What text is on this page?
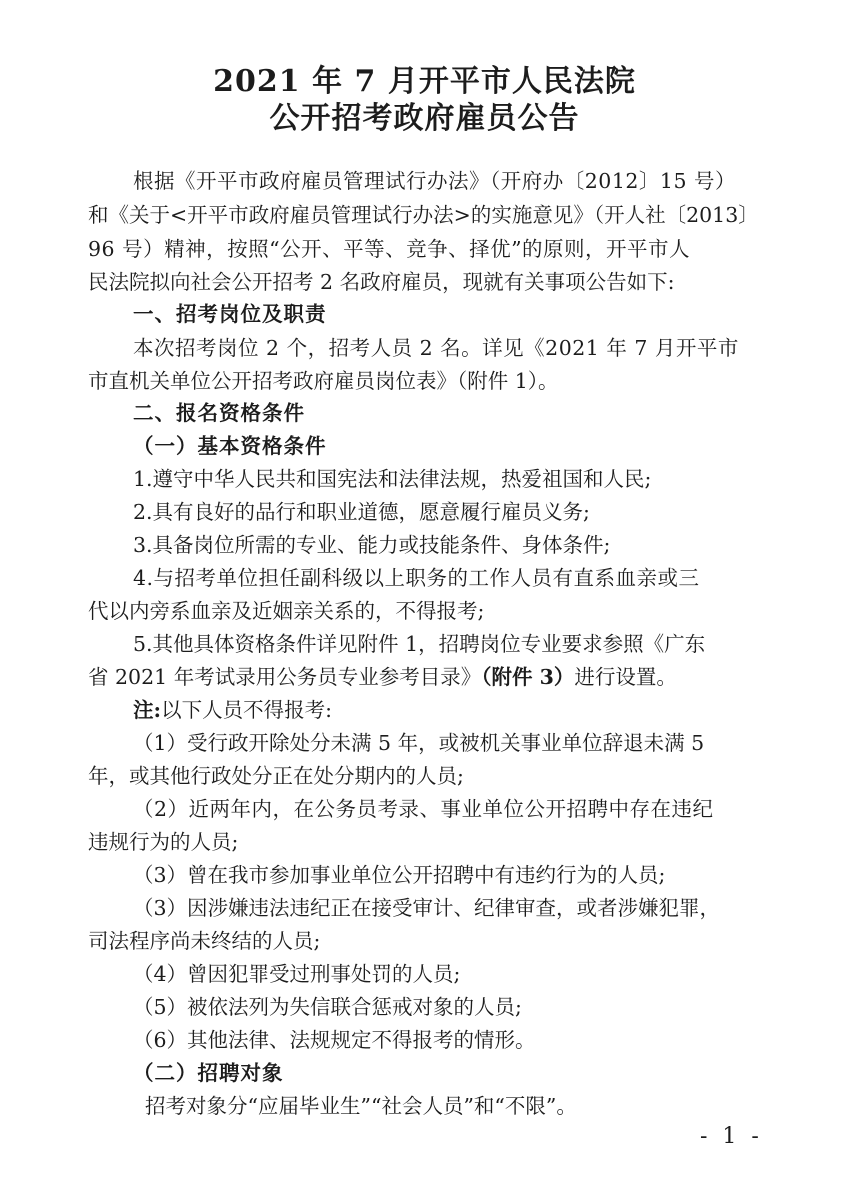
2021 年 7 月开平市人民法院
公开招考政府雇员公告
根据《开平市政府雇员管理试行办法》（开府办〔2012〕15 号）
和《关于<开平市政府雇员管理试行办法>的实施意见》（开人社〔2013〕
96 号）精神，按照“公开、平等、竞争、择优”的原则，开平市人
民法院拟向社会公开招考 2 名政府雇员，现就有关事项公告如下:
一、招考岗位及职责
本次招考岗位 2 个，招考人员 2 名。详见《2021 年 7 月开平市
市直机关单位公开招考政府雇员岗位表》（附件 1）。
二、报名资格条件
（一）基本资格条件
1.遵守中华人民共和国宪法和法律法规，热爱祖国和人民;
2.具有良好的品行和职业道德，愿意履行雇员义务;
3.具备岗位所需的专业、能力或技能条件、身体条件;
4.与招考单位担任副科级以上职务的工作人员有直系血亲或三
代以内旁系血亲及近姻亲关系的，不得报考;
5.其他具体资格条件详见附件 1，招聘岗位专业要求参照《广东
省 2021 年考试录用公务员专业参考目录》（附件 3）进行设置。
注:以下人员不得报考:
（1）受行政开除处分未满 5 年，或被机关事业单位辞退未满 5
年，或其他行政处分正在处分期内的人员;
（2）近两年内，在公务员考录、事业单位公开招聘中存在违纪
违规行为的人员;
（3）曾在我市参加事业单位公开招聘中有违约行为的人员;
（3）因涉嫌违法违纪正在接受审计、纪律审查，或者涉嫌犯罪，
司法程序尚未终结的人员;
（4）曾因犯罪受过刑事处罚的人员;
（5）被依法列为失信联合惩戒对象的人员;
（6）其他法律、法规规定不得报考的情形。
（二）招聘对象
招考对象分“应届毕业生”“社会人员”和“不限”。
- 1 -
